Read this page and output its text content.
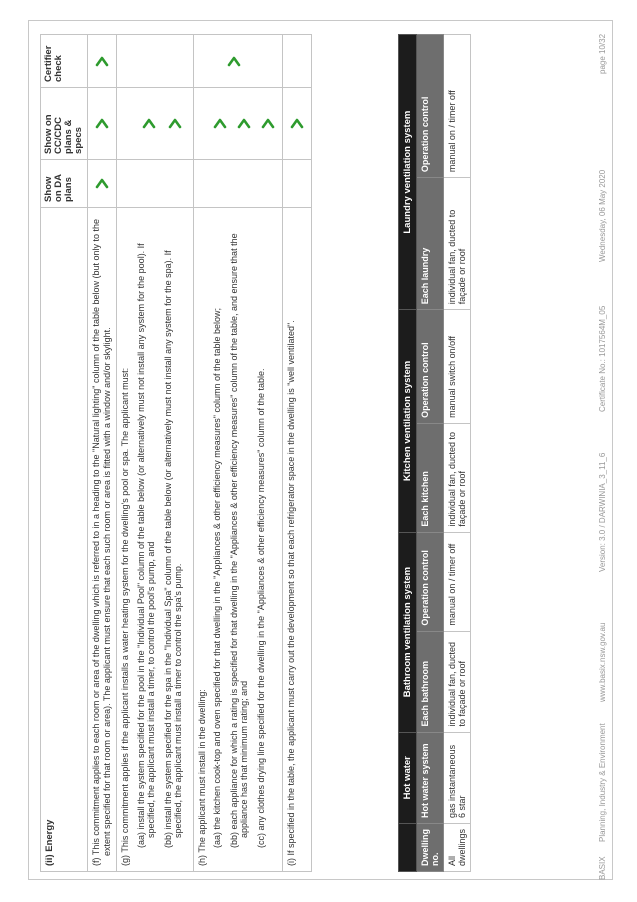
(ii) Energy	Show on DA plans	Show on CC/CDC plans & specs	Certifier check

(f) This commitment applies to each room or area of the dwelling which is referred to in a heading to the "Natural lighting" column of the table below (but only to the extent specified for that room or area). The applicant must ensure that each such room or area is fitted with a window and/or skylight.

(g) This commitment applies if the applicant installs a water heating system for the dwelling's pool or spa. The applicant must: (aa) install the system specified for the pool in the "Individual Pool" column of the table below (or alternatively must not install any system for the pool). If specified, the applicant must install a timer, to control the pool's pump, and (bb) install the system specified for the spa in the "Individual Spa" column of the table below (or alternatively must not install any system for the spa). If specified, the applicant must install a timer to control the spa's pump.

(h) The applicant must install in the dwelling: (aa) the kitchen cook-top and oven specified for that dwelling in the "Appliances & other efficiency measures" column of the table below; (bb) each appliance for which a rating is specified for that dwelling in the "Appliances & other efficiency measures" column of the table, and ensure that the appliance has that minimum rating; and (cc) any clothes drying line specified for the dwelling in the "Appliances & other efficiency measures" column of the table.

(i) If specified in the table, the applicant must carry out the development so that each refrigerator space in the dwelling is "well ventilated".

		Hot water	Bathroom ventilation system		Kitchen ventilation system		Laundry ventilation system	
Dwelling no.	Hot water system	Each bathroom	Operation control	Each kitchen	Operation control	Each laundry	Operation control
All dwellings	gas instantaneous 6 star	individual fan, ducted to façade or roof	manual on / timer off	individual fan, ducted to façade or roof	manual switch on/off	individual fan, ducted to façade or roof	manual on / timer off
BASIX
Planning, Industry & Environment
www.basix.nsw.gov.au
Version: 3.0 / DARWINIA_3_11_6
Certificate No.: 1017564M_05
Wednesday, 06 May 2020
page 10/32
